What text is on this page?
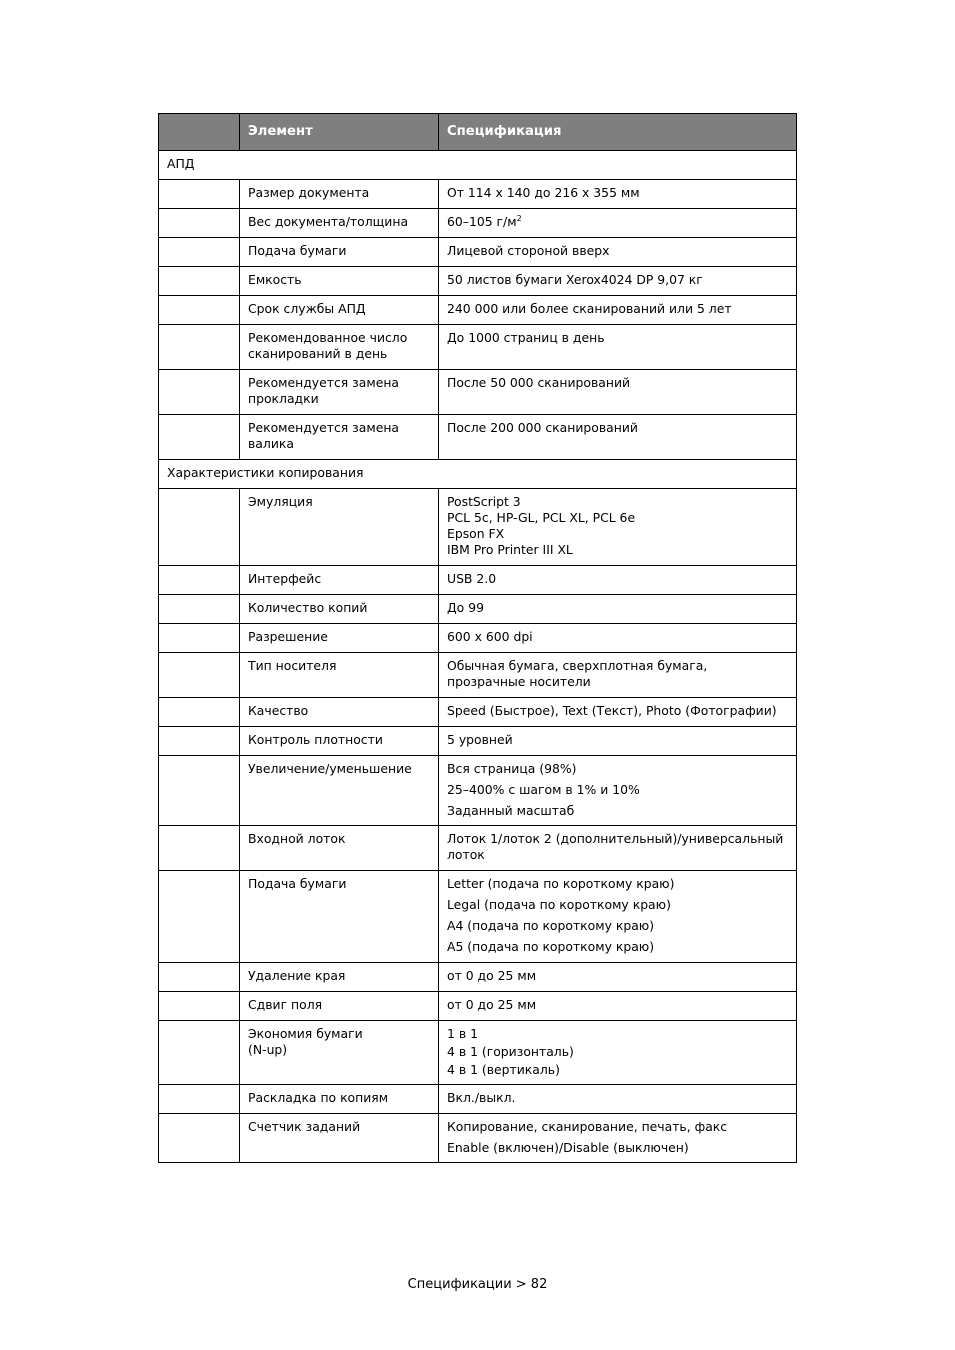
	Элемент	Спецификация
АПД		

	Размер документа	От 114 x 140 до 216 x 355 мм

	Вес документа/толщина	60–105 $г/м^2$

	Подача бумаги	Лицевой стороной вверх

	Емкость	50 листов бумаги Xerox4024 DP 9,07 кг

	Срок службы АПД	240 000 или более сканирований или 5 лет

	Рекомендованное число
сканирований в день	До 1000 страниц в день

	Рекомендуется замена
прокладки	После 50 000 сканирований

	Рекомендуется замена
валика	После 200 000 сканирований

Характеристики копирования		

	Эмуляция	PostScript 3
PCL 5c, HP-GL, PCL XL, PCL 6e
Epson FX
IBM Pro Printer III XL

	Интерфейс	USB 2.0

	Количество копий	До 99

	Разрешение	600 x 600 dpi

	Тип носителя	Обычная бумага, сверхплотная бумага,
прозрачные носители

	Качество	Speed (Быстрое), Text (Текст), Photo (Фотографии)

	Контроль плотности	5 уровней

	Увеличение/уменьшение	Вся страница (98%)
25–400% с шагом в 1% и 10%
Заданный масштаб

	Входной лоток	Лоток 1/лоток 2 (дополнительный)/универсальный
лоток

	Подача бумаги	Letter (подача по короткому краю)
Legal (подача по короткому краю)
A4 (подача по короткому краю)
A5 (подача по короткому краю)

	Удаление края	от 0 до 25 мм

	Сдвиг поля	от 0 до 25 мм

	Экономия бумаги
(N-up)	1 в 1
4 в 1 (горизонталь)
4 в 1 (вертикаль)

	Раскладка по копиям	Вкл./выкл.

	Счетчик заданий	Копирование, сканирование, печать, факс
Enable (включен)/Disable (выключен)
Спецификации > 82
